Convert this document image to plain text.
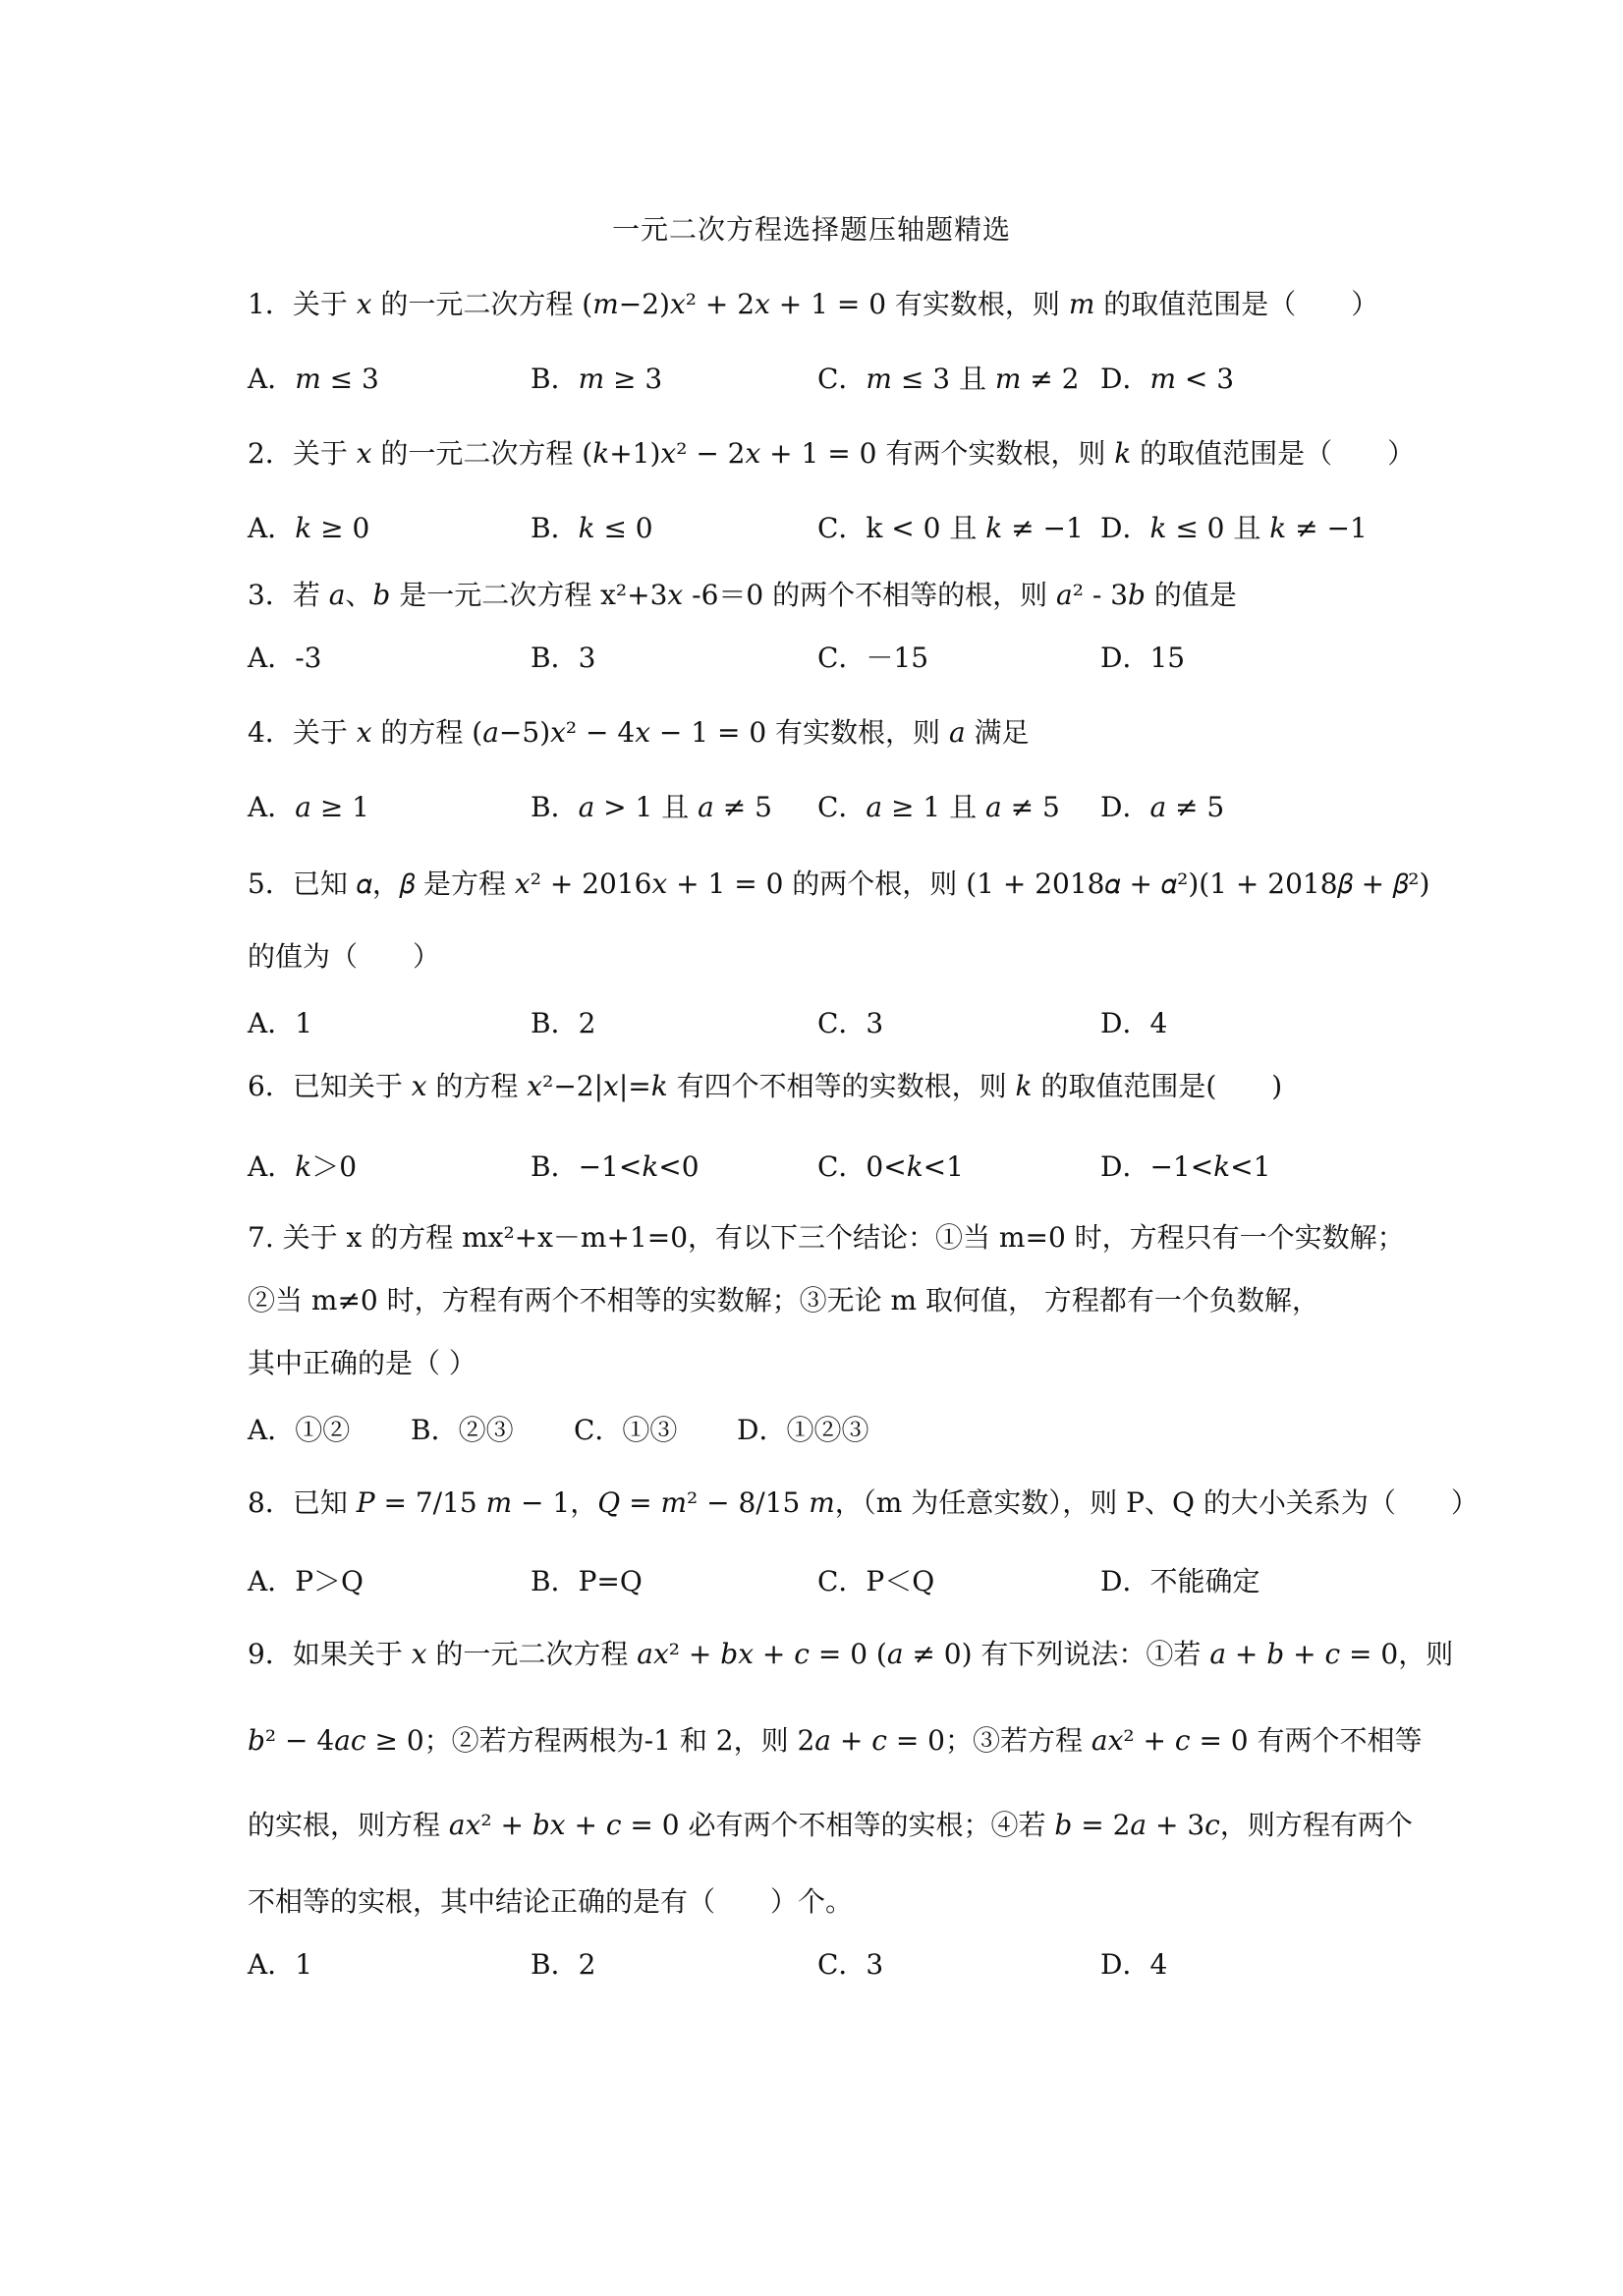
一元二次方程选择题压轴题精选
1．关于 𝑥 的一元二次方程 (𝑚−2)𝑥² + 2𝑥 + 1 = 0 有实数根，则 𝑚 的取值范围是（　　）
A．𝑚 ≤ 3	B．𝑚 ≥ 3	C．𝑚 ≤ 3 且 𝑚 ≠ 2 D．𝑚 < 3
2．关于 𝑥 的一元二次方程 (𝑘+1)𝑥² − 2𝑥 + 1 = 0 有两个实数根，则 𝑘 的取值范围是（　　）
A．𝑘 ≥ 0	B．𝑘 ≤ 0	C．k < 0 且 𝑘 ≠ −1 D．𝑘 ≤ 0 且 𝑘 ≠ −1
3．若 𝑎、𝑏 是一元二次方程 x²+3𝑥 -6＝0 的两个不相等的根，则 𝑎² - 3𝑏 的值是
A．-3	B．3	C．－15	D．15
4．关于 𝑥 的方程 (𝑎−5)𝑥² − 4𝑥 − 1 = 0 有实数根，则 𝑎 满足
A．𝑎 ≥ 1	B．𝑎 > 1 且 𝑎 ≠ 5 C．𝑎 ≥ 1 且 𝑎 ≠ 5 D．𝑎 ≠ 5
5．已知 𝛼，𝛽 是方程 𝑥² + 2016𝑥 + 1 = 0 的两个根，则 (1 + 2018𝛼 + 𝛼²)(1 + 2018𝛽 + 𝛽²)
的值为（　　）
A．1	B．2	C．3	D．4
6．已知关于 𝑥 的方程 𝑥²−2|𝑥|=𝑘 有四个不相等的实数根，则 𝑘 的取值范围是(　　)
A．𝑘＞0	B．−1<𝑘<0	C．0<𝑘<1	D．−1<𝑘<1
7. 关于 x 的方程 mx²+x－m+1=0，有以下三个结论：①当 m=0 时，方程只有一个实数解；
②当 m≠0 时，方程有两个不相等的实数解；③无论 m 取何值， 方程都有一个负数解，
其中正确的是（ ）
A．①② B．②③ C．①③ D．①②③
8．已知 𝑃 = 7/15 𝑚 − 1，𝑄 = 𝑚² − 8/15 𝑚，（m 为任意实数），则 P、Q 的大小关系为（　　）
A．P＞Q	B．P=Q	C．P＜Q	D．不能确定
9．如果关于 𝑥 的一元二次方程 𝑎𝑥² + 𝑏𝑥 + 𝑐 = 0 (𝑎 ≠ 0) 有下列说法：①若 𝑎 + 𝑏 + 𝑐 = 0，则
𝑏² − 4𝑎𝑐 ≥ 0；②若方程两根为-1 和 2，则 2𝑎 + 𝑐 = 0；③若方程 𝑎𝑥² + 𝑐 = 0 有两个不相等
的实根，则方程 𝑎𝑥² + 𝑏𝑥 + 𝑐 = 0 必有两个不相等的实根；④若 𝑏 = 2𝑎 + 3𝑐，则方程有两个
不相等的实根，其中结论正确的是有（　　）个。
A．1	B．2	C．3	D．4
